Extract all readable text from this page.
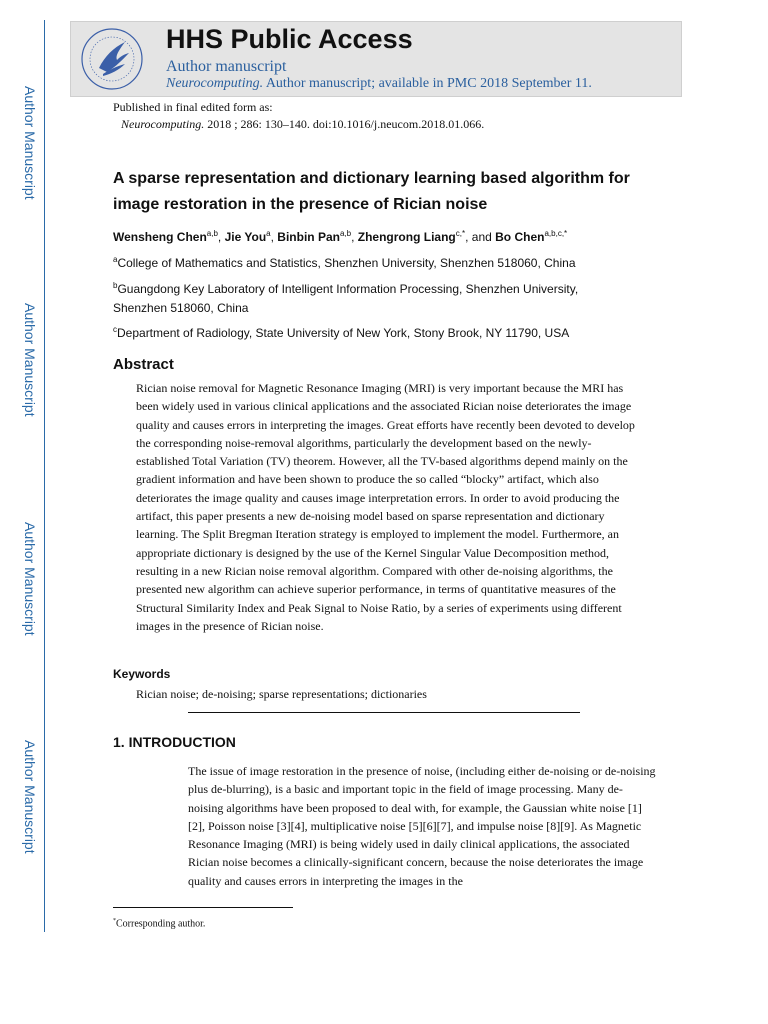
Author Manuscript
Author Manuscript
Author Manuscript
Author Manuscript
HHS Public Access
Author manuscript
Neurocomputing. Author manuscript; available in PMC 2018 September 11.
Published in final edited form as:
Neurocomputing. 2018 ; 286: 130–140. doi:10.1016/j.neucom.2018.01.066.
A sparse representation and dictionary learning based algorithm for image restoration in the presence of Rician noise
Wensheng Chen$^{a,b}$, Jie You$^a$, Binbin Pan$^{a,b}$, Zhengrong Liang$^{c,*}$, and Bo Chen$^{a,b,c,*}$
$^a$College of Mathematics and Statistics, Shenzhen University, Shenzhen 518060, China
$^b$Guangdong Key Laboratory of Intelligent Information Processing, Shenzhen University, Shenzhen 518060, China
$^c$Department of Radiology, State University of New York, Stony Brook, NY 11790, USA
Abstract
Rician noise removal for Magnetic Resonance Imaging (MRI) is very important because the MRI has been widely used in various clinical applications and the associated Rician noise deteriorates the image quality and causes errors in interpreting the images. Great efforts have recently been devoted to develop the corresponding noise-removal algorithms, particularly the development based on the newly-established Total Variation (TV) theorem. However, all the TV-based algorithms depend mainly on the gradient information and have been shown to produce the so called “blocky” artifact, which also deteriorates the image quality and causes image interpretation errors. In order to avoid producing the artifact, this paper presents a new de-noising model based on sparse representation and dictionary learning. The Split Bregman Iteration strategy is employed to implement the model. Furthermore, an appropriate dictionary is designed by the use of the Kernel Singular Value Decomposition method, resulting in a new Rician noise removal algorithm. Compared with other de-noising algorithms, the presented new algorithm can achieve superior performance, in terms of quantitative measures of the Structural Similarity Index and Peak Signal to Noise Ratio, by a series of experiments using different images in the presence of Rician noise.
Keywords
Rician noise; de-noising; sparse representations; dictionaries
1. INTRODUCTION
The issue of image restoration in the presence of noise, (including either de-noising or de-noising plus de-blurring), is a basic and important topic in the field of image processing. Many de-noising algorithms have been proposed to deal with, for example, the Gaussian white noise [1][2], Poisson noise [3][4], multiplicative noise [5][6][7], and impulse noise [8][9]. As Magnetic Resonance Imaging (MRI) is being widely used in daily clinical applications, the associated Rician noise becomes a clinically-significant concern, because the noise deteriorates the image quality and causes errors in interpreting the images in the
*Corresponding author.
